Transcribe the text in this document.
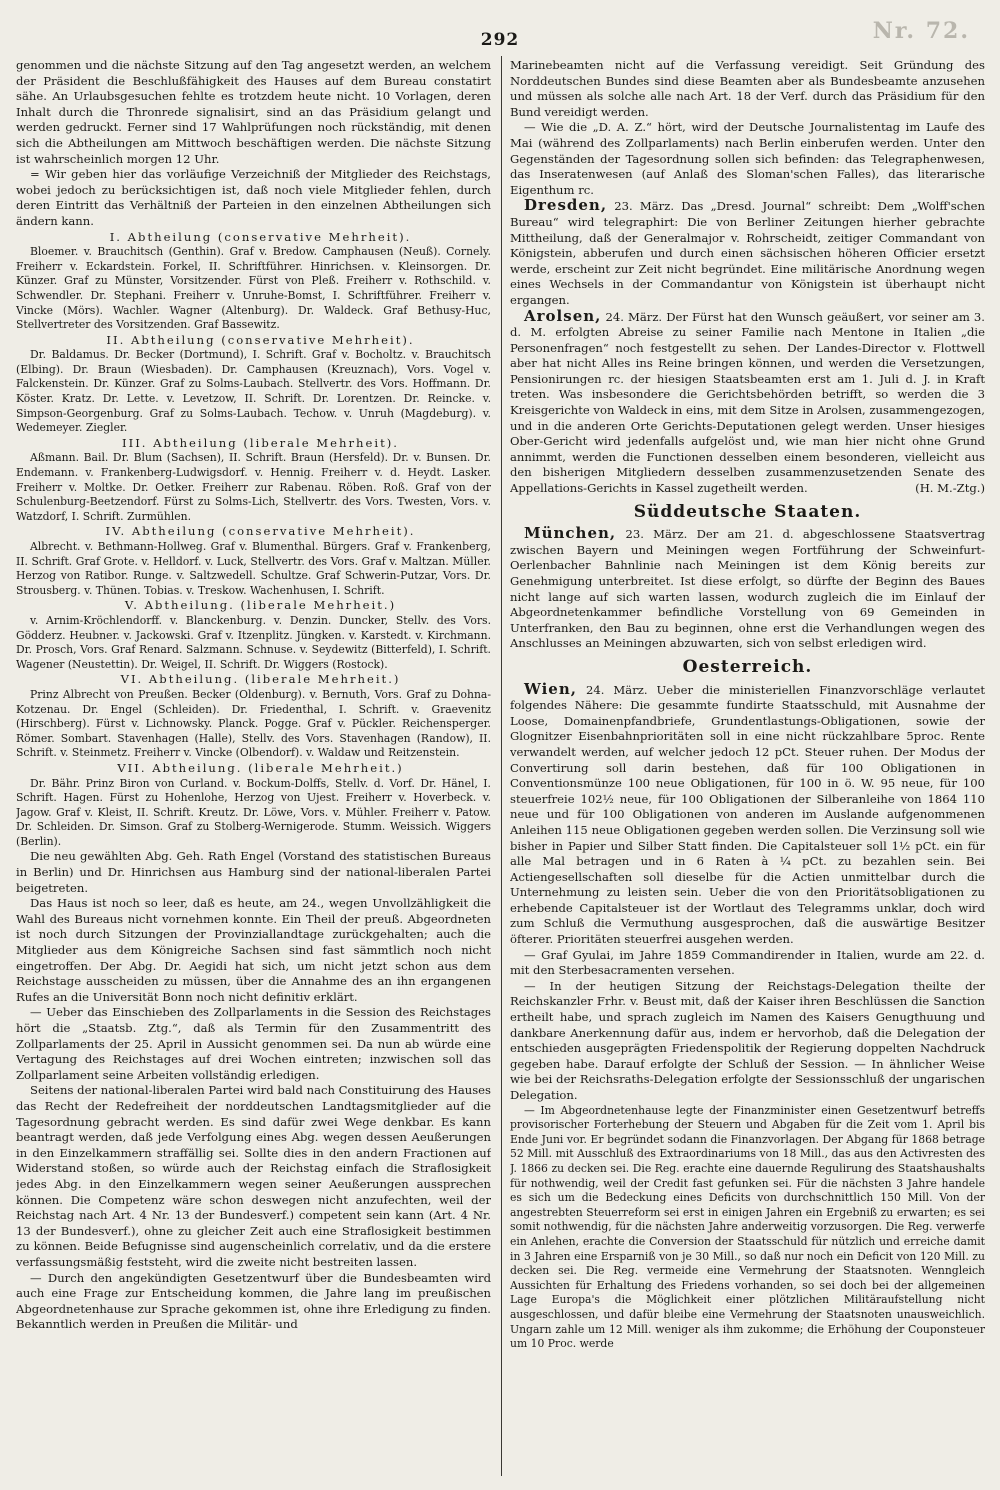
292	Nr. 72.

genommen und die nächste Sitzung auf den Tag angesetzt werden, an welchem der Präsident die Beschlußfähigkeit des Hauses auf dem Bureau constatirt sähe. An Urlaubsgesuchen fehlte es trotzdem heute nicht. 10 Vorlagen, deren Inhalt durch die Thronrede signalisirt, sind an das Präsidium gelangt und werden gedruckt. Ferner sind 17 Wahlprüfungen noch rückständig, mit denen sich die Abtheilungen am Mittwoch beschäftigen werden. Die nächste Sitzung ist wahrscheinlich morgen 12 Uhr.

= Wir geben hier das vorläufige Verzeichniß der Mitglieder des Reichstags, wobei jedoch zu berücksichtigen ist, daß noch viele Mitglieder fehlen, durch deren Eintritt das Verhältniß der Parteien in den einzelnen Abtheilungen sich ändern kann.

I. Abtheilung (conservative Mehrheit).

Bloemer. v. Brauchitsch (Genthin). Graf v. Bredow. Camphausen (Neuß). Cornely. Freiherr v. Eckardstein. Forkel, II. Schriftführer. Hinrichsen. v. Kleinsorgen. Dr. Künzer. Graf zu Münster, Vorsitzender. Fürst von Pleß. Freiherr v. Rothschild. v. Schwendler. Dr. Stephani. Freiherr v. Unruhe-Bomst, I. Schriftführer. Freiherr v. Vincke (Mörs). Wachler. Wagner (Altenburg). Dr. Waldeck. Graf Bethusy-Huc, Stellvertreter des Vorsitzenden. Graf Bassewitz.

II. Abtheilung (conservative Mehrheit).

Dr. Baldamus. Dr. Becker (Dortmund), I. Schrift. Graf v. Bocholtz. v. Brauchitsch (Elbing). Dr. Braun (Wiesbaden). Dr. Camphausen (Kreuznach), Vors. Vogel v. Falckenstein. Dr. Künzer. Graf zu Solms-Laubach. Stellvertr. des Vors. Hoffmann. Dr. Köster. Kratz. Dr. Lette. v. Levetzow, II. Schrift. Dr. Lorentzen. Dr. Reincke. v. Simpson-Georgenburg. Graf zu Solms-Laubach. Techow. v. Unruh (Magdeburg). v. Wedemeyer. Ziegler.

III. Abtheilung (liberale Mehrheit).

Aßmann. Bail. Dr. Blum (Sachsen), II. Schrift. Braun (Hersfeld). Dr. v. Bunsen. Dr. Endemann. v. Frankenberg-Ludwigsdorf. v. Hennig. Freiherr v. d. Heydt. Lasker. Freiherr v. Moltke. Dr. Oetker. Freiherr zur Rabenau. Röben. Roß. Graf von der Schulenburg-Beetzendorf. Fürst zu Solms-Lich, Stellvertr. des Vors. Twesten, Vors. v. Watzdorf, I. Schrift. Zurmühlen.

IV. Abtheilung (conservative Mehrheit).

Albrecht. v. Bethmann-Hollweg. Graf v. Blumenthal. Bürgers. Graf v. Frankenberg, II. Schrift. Graf Grote. v. Helldorf. v. Luck, Stellvertr. des Vors. Graf v. Maltzan. Müller. Herzog von Ratibor. Runge. v. Saltzwedell. Schultze. Graf Schwerin-Putzar, Vors. Dr. Strousberg. v. Thünen. Tobias. v. Treskow. Wachenhusen, I. Schrift.

V. Abtheilung. (liberale Mehrheit.)

v. Arnim-Kröchlendorff. v. Blanckenburg. v. Denzin. Duncker, Stellv. des Vors. Gödderz. Heubner. v. Jackowski. Graf v. Itzenplitz. Jüngken. v. Karstedt. v. Kirchmann. Dr. Prosch, Vors. Graf Renard. Salzmann. Schnuse. v. Seydewitz (Bitterfeld), I. Schrift. Wagener (Neustettin). Dr. Weigel, II. Schrift. Dr. Wiggers (Rostock).

VI. Abtheilung. (liberale Mehrheit.)

Prinz Albrecht von Preußen. Becker (Oldenburg). v. Bernuth, Vors. Graf zu Dohna-Kotzenau. Dr. Engel (Schleiden). Dr. Friedenthal, I. Schrift. v. Graevenitz (Hirschberg). Fürst v. Lichnowsky. Planck. Pogge. Graf v. Pückler. Reichensperger. Römer. Sombart. Stavenhagen (Halle), Stellv. des Vors. Stavenhagen (Randow), II. Schrift. v. Steinmetz. Freiherr v. Vincke (Olbendorf). v. Waldaw und Reitzenstein.

VII. Abtheilung. (liberale Mehrheit.)

Dr. Bähr. Prinz Biron von Curland. v. Bockum-Dolffs, Stellv. d. Vorf. Dr. Hänel, I. Schrift. Hagen. Fürst zu Hohenlohe, Herzog von Ujest. Freiherr v. Hoverbeck. v. Jagow. Graf v. Kleist, II. Schrift. Kreutz. Dr. Löwe, Vors. v. Mühler. Freiherr v. Patow. Dr. Schleiden. Dr. Simson. Graf zu Stolberg-Wernigerode. Stumm. Weissich. Wiggers (Berlin).

Die neu gewählten Abg. Geh. Rath Engel (Vorstand des statistischen Bureaus in Berlin) und Dr. Hinrichsen aus Hamburg sind der national-liberalen Partei beigetreten.

Das Haus ist noch so leer, daß es heute, am 24., wegen Unvollzähligkeit die Wahl des Bureaus nicht vornehmen konnte. Ein Theil der preuß. Abgeordneten ist noch durch Sitzungen der Provinziallandtage zurückgehalten; auch die Mitglieder aus dem Königreiche Sachsen sind fast sämmtlich noch nicht eingetroffen. Der Abg. Dr. Aegidi hat sich, um nicht jetzt schon aus dem Reichstage ausscheiden zu müssen, über die Annahme des an ihn ergangenen Rufes an die Universität Bonn noch nicht definitiv erklärt.

— Ueber das Einschieben des Zollparlaments in die Session des Reichstages hört die „Staatsb. Ztg.“, daß als Termin für den Zusammentritt des Zollparlaments der 25. April in Aussicht genommen sei. Da nun ab würde eine Vertagung des Reichstages auf drei Wochen eintreten; inzwischen soll das Zollparlament seine Arbeiten vollständig erledigen.

Seitens der national-liberalen Partei wird bald nach Constituirung des Hauses das Recht der Redefreiheit der norddeutschen Landtagsmitglieder auf die Tagesordnung gebracht werden. Es sind dafür zwei Wege denkbar. Es kann beantragt werden, daß jede Verfolgung eines Abg. wegen dessen Aeußerungen in den Einzelkammern straffällig sei. Sollte dies in den andern Fractionen auf Widerstand stoßen, so würde auch der Reichstag einfach die Straflosigkeit jedes Abg. in den Einzelkammern wegen seiner Aeußerungen aussprechen können. Die Competenz wäre schon deswegen nicht anzufechten, weil der Reichstag nach Art. 4 Nr. 13 der Bundesverf.) competent sein kann (Art. 4 Nr. 13 der Bundesverf.), ohne zu gleicher Zeit auch eine Straflosigkeit bestimmen zu können. Beide Befugnisse sind augenscheinlich correlativ, und da die erstere verfassungsmäßig feststeht, wird die zweite nicht bestreiten lassen.

— Durch den angekündigten Gesetzentwurf über die Bundesbeamten wird auch eine Frage zur Entscheidung kommen, die Jahre lang im preußischen Abgeordnetenhause zur Sprache gekommen ist, ohne ihre Erledigung zu finden. Bekanntlich werden in Preußen die Militär- und

Marinebeamten nicht auf die Verfassung vereidigt. Seit Gründung des Norddeutschen Bundes sind diese Beamten aber als Bundesbeamte anzusehen und müssen als solche alle nach Art. 18 der Verf. durch das Präsidium für den Bund vereidigt werden.

— Wie die „D. A. Z.“ hört, wird der Deutsche Journalistentag im Laufe des Mai (während des Zollparlaments) nach Berlin einberufen werden. Unter den Gegenständen der Tagesordnung sollen sich befinden: das Telegraphenwesen, das Inseratenwesen (auf Anlaß des Sloman'schen Falles), das literarische Eigenthum rc.

Dresden, 23. März. Das „Dresd. Journal“ schreibt: Dem „Wolff'schen Bureau“ wird telegraphirt: Die von Berliner Zeitungen hierher gebrachte Mittheilung, daß der Generalmajor v. Rohrscheidt, zeitiger Commandant von Königstein, abberufen und durch einen sächsischen höheren Officier ersetzt werde, erscheint zur Zeit nicht begründet. Eine militärische Anordnung wegen eines Wechsels in der Commandantur von Königstein ist überhaupt nicht ergangen.

Arolsen, 24. März. Der Fürst hat den Wunsch geäußert, vor seiner am 3. d. M. erfolgten Abreise zu seiner Familie nach Mentone in Italien „die Personenfragen“ noch festgestellt zu sehen. Der Landes-Director v. Flottwell aber hat nicht Alles ins Reine bringen können, und werden die Versetzungen, Pensionirungen rc. der hiesigen Staatsbeamten erst am 1. Juli d. J. in Kraft treten. Was insbesondere die Gerichtsbehörden betrifft, so werden die 3 Kreisgerichte von Waldeck in eins, mit dem Sitze in Arolsen, zusammengezogen, und in die anderen Orte Gerichts-Deputationen gelegt werden. Unser hiesiges Ober-Gericht wird jedenfalls aufgelöst und, wie man hier nicht ohne Grund annimmt, werden die Functionen desselben einem besonderen, vielleicht aus den bisherigen Mitgliedern desselben zusammenzusetzenden Senate des Appellations-Gerichts in Kassel zugetheilt werden.	(H. M.-Ztg.)

Süddeutsche Staaten.

München, 23. März. Der am 21. d. abgeschlossene Staatsvertrag zwischen Bayern und Meiningen wegen Fortführung der Schweinfurt-Oerlenbacher Bahnlinie nach Meiningen ist dem König bereits zur Genehmigung unterbreitet. Ist diese erfolgt, so dürfte der Beginn des Baues nicht lange auf sich warten lassen, wodurch zugleich die im Einlauf der Abgeordnetenkammer befindliche Vorstellung von 69 Gemeinden in Unterfranken, den Bau zu beginnen, ohne erst die Verhandlungen wegen des Anschlusses an Meiningen abzuwarten, sich von selbst erledigen wird.

Oesterreich.

Wien, 24. März. Ueber die ministeriellen Finanzvorschläge verlautet folgendes Nähere: Die gesammte fundirte Staatsschuld, mit Ausnahme der Loose, Domainenpfandbriefe, Grundentlastungs-Obligationen, sowie der Glognitzer Eisenbahnprioritäten soll in eine nicht rückzahlbare 5proc. Rente verwandelt werden, auf welcher jedoch 12 pCt. Steuer ruhen. Der Modus der Convertirung soll darin bestehen, daß für 100 Obligationen in Conventionsmünze 100 neue Obligationen, für 100 in ö. W. 95 neue, für 100 steuerfreie 102½ neue, für 100 Obligationen der Silberanleihe von 1864 110 neue und für 100 Obligationen von anderen im Auslande aufgenommenen Anleihen 115 neue Obligationen gegeben werden sollen. Die Verzinsung soll wie bisher in Papier und Silber Statt finden. Die Capitalsteuer soll 1½ pCt. ein für alle Mal betragen und in 6 Raten à ¼ pCt. zu bezahlen sein. Bei Actiengesellschaften soll dieselbe für die Actien unmittelbar durch die Unternehmung zu leisten sein. Ueber die von den Prioritätsobligationen zu erhebende Capitalsteuer ist der Wortlaut des Telegramms unklar, doch wird zum Schluß die Vermuthung ausgesprochen, daß die auswärtige Besitzer öfterer. Prioritäten steuerfrei ausgehen werden.

— Graf Gyulai, im Jahre 1859 Commandirender in Italien, wurde am 22. d. mit den Sterbesacramenten versehen.

— In der heutigen Sitzung der Reichstags-Delegation theilte der Reichskanzler Frhr. v. Beust mit, daß der Kaiser ihren Beschlüssen die Sanction ertheilt habe, und sprach zugleich im Namen des Kaisers Genugthuung und dankbare Anerkennung dafür aus, indem er hervorhob, daß die Delegation der entschieden ausgeprägten Friedenspolitik der Regierung doppelten Nachdruck gegeben habe. Darauf erfolgte der Schluß der Session. — In ähnlicher Weise wie bei der Reichsraths-Delegation erfolgte der Sessionsschluß der ungarischen Delegation.

— Im Abgeordnetenhause legte der Finanzminister einen Gesetzentwurf betreffs provisorischer Forterhebung der Steuern und Abgaben für die Zeit vom 1. April bis Ende Juni vor. Er begründet sodann die Finanzvorlagen. Der Abgang für 1868 betrage 52 Mill. mit Ausschluß des Extraordinariums von 18 Mill., das aus den Activresten des J. 1866 zu decken sei. Die Reg. erachte eine dauernde Regulirung des Staatshaushalts für nothwendig, weil der Credit fast gefunken sei. Für die nächsten 3 Jahre handele es sich um die Bedeckung eines Deficits von durchschnittlich 150 Mill. Von der angestrebten Steuerreform sei erst in einigen Jahren ein Ergebniß zu erwarten; es sei somit nothwendig, für die nächsten Jahre anderweitig vorzusorgen. Die Reg. verwerfe ein Anlehen, erachte die Conversion der Staatsschuld für nützlich und erreiche damit in 3 Jahren eine Ersparniß von je 30 Mill., so daß nur noch ein Deficit von 120 Mill. zu decken sei. Die Reg. vermeide eine Vermehrung der Staatsnoten. Wenngleich Aussichten für Erhaltung des Friedens vorhanden, so sei doch bei der allgemeinen Lage Europa's die Möglichkeit einer plötzlichen Militäraufstellung nicht ausgeschlossen, und dafür bleibe eine Vermehrung der Staatsnoten unausweichlich. Ungarn zahle um 12 Mill. weniger als ihm zukomme; die Erhöhung der Couponsteuer um 10 Proc. werde
